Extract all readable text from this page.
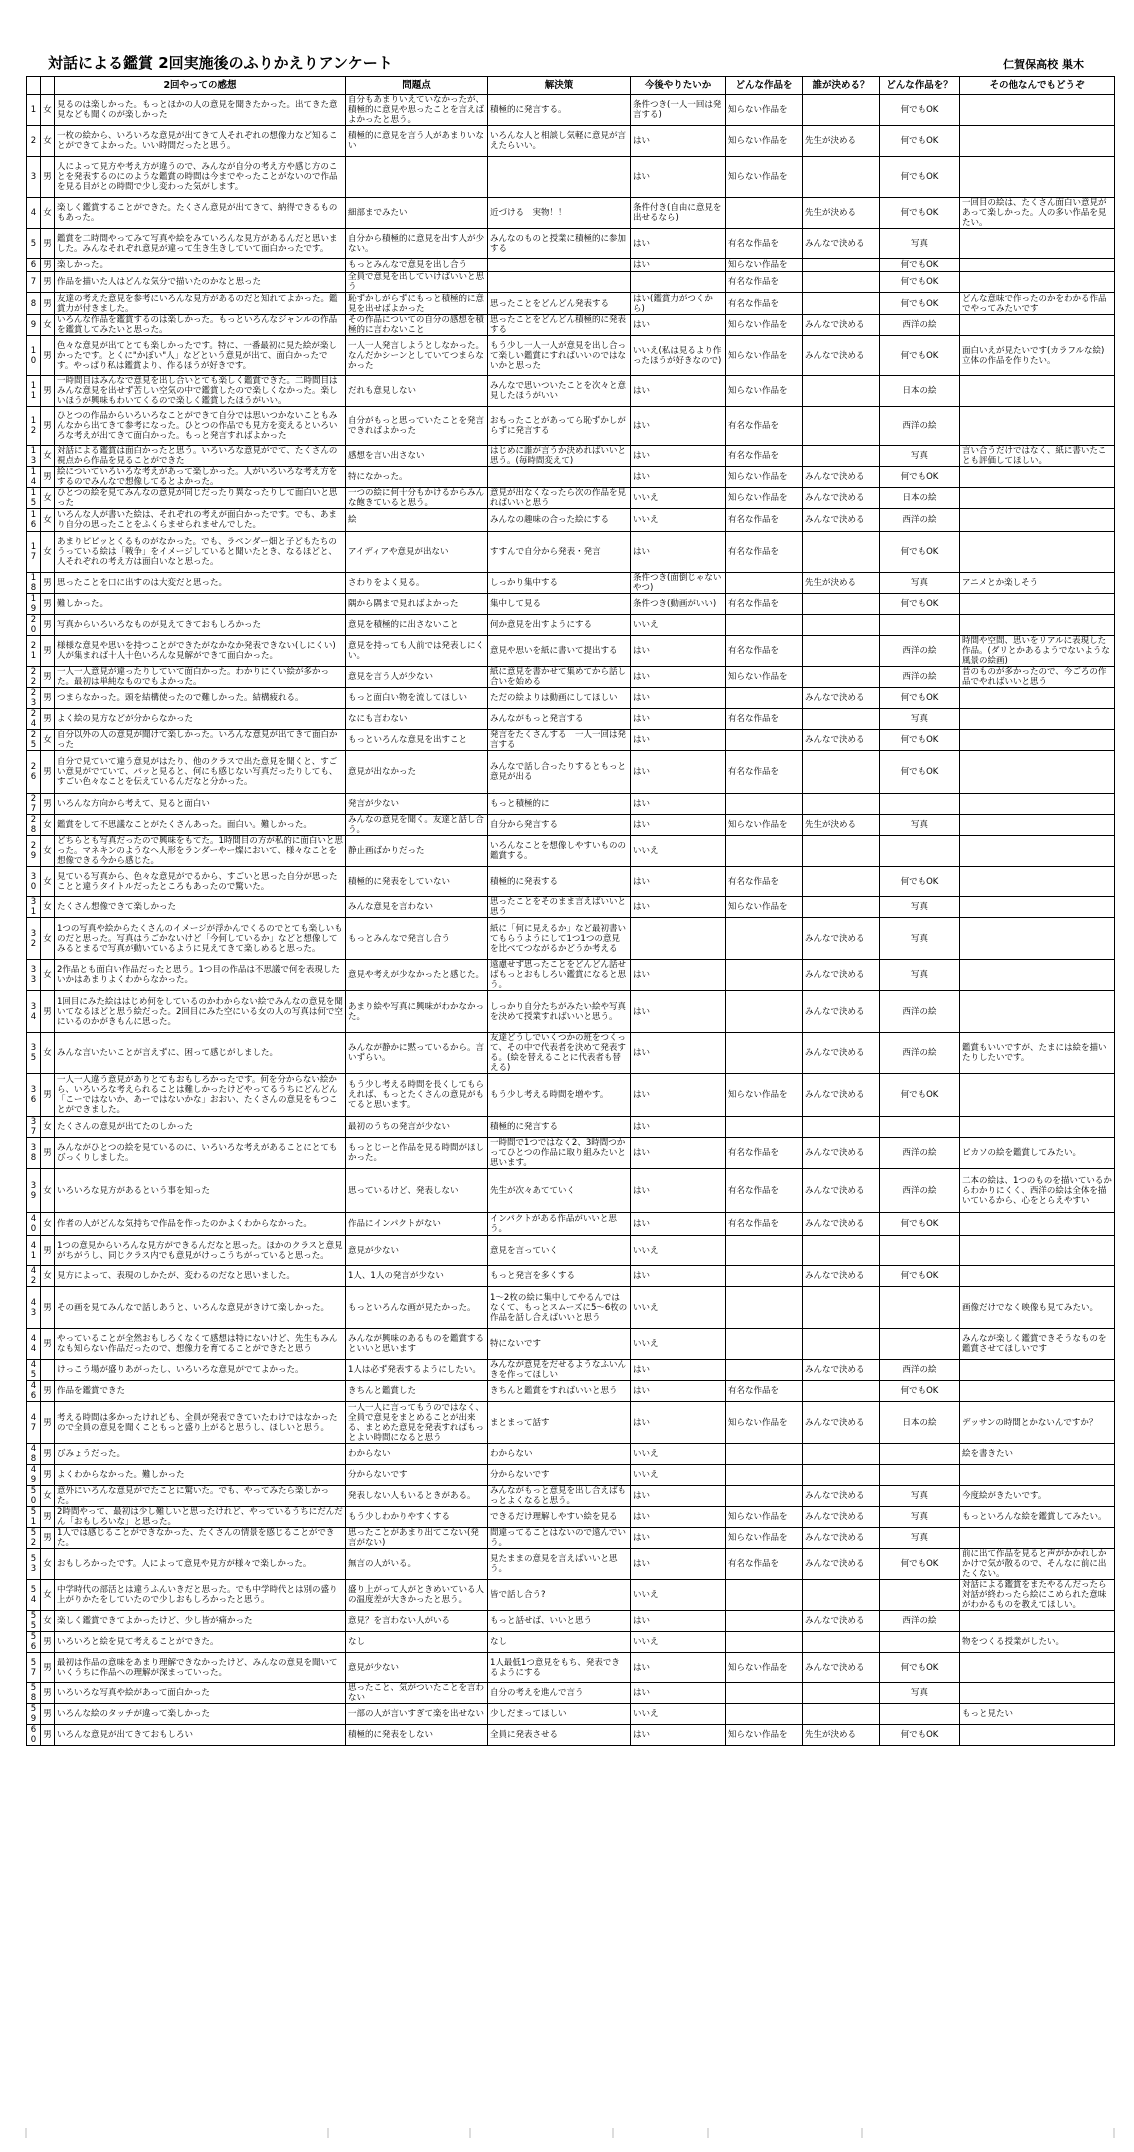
対話による鑑賞 2回実施後のふりかえりアンケート	仁賀保高校 巣木
		2回やっての感想	問題点	解決策	今後やりたいか	どんな作品を	誰が決める？	どんな作品を？	その他なんでもどうぞ
1	女	見るのは楽しかった。もっとほかの人の意見を聞きたかった。出てきた意見なども聞くのが楽しかった	自分もあまりいえていなかったが、積極的に意見や思ったことを言えばよかったと思う。	積極的に発言する。	条件つき(一人一回は発言する)	知らない作品を		何でもOK	
2	女	一枚の絵から、いろいろな意見が出てきて人それぞれの想像力など知ることができてよかった。いい時間だったと思う。	積極的に意見を言う人があまりいない	いろんな人と相談し気軽に意見が言えたらいい。	はい	知らない作品を	先生が決める	何でもOK	
3	男	人によって見方や考え方が違うので、みんなが自分の考え方や感じ方のことを発表するのにのような鑑賞の時間は今までやったことがないので作品を見る目がとの時間で少し変わった気がします。			はい	知らない作品を		何でもOK	
4	女	楽しく鑑賞することができた。たくさん意見が出てきて、納得できるものもあった。	細部までみたい	近づける　実物！！	条件付き(自由に意見を出せるなら)		先生が決める	何でもOK	一回目の絵は、たくさん面白い意見があって楽しかった。人の多い作品を見たい。
5	男	鑑賞を二時間やってみて写真や絵をみていろんな見方があるんだと思いました。みんなそれぞれ意見が違って生き生きしていて面白かったです。	自分から積極的に意見を出す人が少ない。	みんなのものと授業に積極的に参加する	はい	有名な作品を	みんなで決める	写真	
6	男	楽しかった。	もっとみんなで意見を出し合う		はい	知らない作品を		何でもOK	
7	男	作品を描いた人はどんな気分で描いたのかなと思った	全員で意見を出していけばいいと思う			有名な作品を		何でもOK	
8	男	友達の考えた意見を参考にいろんな見方があるのだと知れてよかった。鑑賞力が付きました。	恥ずかしがらずにもっと積極的に意見を出せばよかった	思ったことをどんどん発表する	はい(鑑賞力がつくから)	有名な作品を		何でもOK	どんな意味で作ったのかをわかる作品でやってみたいです
9	女	いろんな作品を鑑賞するのは楽しかった。もっといろんなジャンルの作品を鑑賞してみたいと思った。	その作品についての自分の感想を積極的に言わないこと	思ったことをどんどん積極的に発表する	はい	知らない作品を	みんなで決める	西洋の絵	
10	男	色々な意見が出てとても楽しかったです。特に、一番最初に見た絵が楽しかったです。とくに"かぼい"人」などという意見が出て、面白かったです。やっぱり私は鑑賞より、作るほうが好きです。	一人一人発言しようとしなかった。なんだかシーンとしていてつまらなかった	もう少し一人一人が意見を出し合って楽しい鑑賞にすればいいのではないかと思った	いいえ(私は見るより作ったほうが好きなので)	知らない作品を	みんなで決める	何でもOK	面白いえが見たいです(カラフルな絵)立体の作品を作りたい。
11	男	一時間目はみんなで意見を出し合いとても楽しく鑑賞できた。二時間目はみんな意見を出せず苦しい空気の中で鑑賞したので楽しくなかった。楽しいほうが興味もわいてくるので楽しく鑑賞したほうがいい。	だれも意見しない	みんなで思いついたことを次々と意見したほうがいい	はい	知らない作品を		日本の絵	
12	男	ひとつの作品からいろいろなことができて自分では思いつかないこともみんなから出てきて参考になった。ひとつの作品でも見方を変えるといろいろな考えが出てきて面白かった。もっと発言すればよかった	自分がもっと思っていたことを発言できればよかった	おもったことがあってら恥ずかしがらずに発言する	はい	有名な作品を		西洋の絵	
13	女	対話による鑑賞は面白かったと思う。いろいろな意見がでて、たくさんの視点から作品を見ることができた	感想を言い出さない	はじめに誰が言うか決めればいいと思う。(毎時間変えて)	はい	有名な作品を		写真	言い合うだけではなく、紙に書いたことも評価してほしい。
14	男	絵についていろいろな考えがあって楽しかった。人がいろいろな考え方をするのでみんなで想像してるとよかった。	特になかった。		はい	知らない作品を	みんなで決める	何でもOK	
15	女	ひとつの絵を見てみんなの意見が同じだったり異なったりして面白いと思った	一つの絵に何十分もかけるからみんな飽きていると思う。	意見が出なくなったら次の作品を見ればいいと思う	いいえ	知らない作品を	みんなで決める	日本の絵	
16	女	いろんな人が書いた絵は、それぞれの考えが面白かったです。でも、あまり自分の思ったことをふくらませられませんでした。	絵	みんなの趣味の合った絵にする	いいえ	有名な作品を	みんなで決める	西洋の絵	
17	女	あまりピピッとくるものがなかった。でも、ラベンダー畑と子どもたちのうっている絵は「戦争」をイメージしていると聞いたとき、なるほどと、人それぞれの考え方は面白いなと思った。	アイディアや意見が出ない	すすんで自分から発表・発言	はい	有名な作品を		何でもOK	
18	男	思ったことを口に出すのは大変だと思った。	さわりをよく見る。	しっかり集中する	条件つき(面倒じゃないやつ)		先生が決める	写真	アニメとか楽しそう
19	男	難しかった。	隅から隅まで見ればよかった	集中して見る	条件つき(動画がいい)	有名な作品を		何でもOK	
20	男	写真からいろいろなものが見えてきておもしろかった	意見を積極的に出さないこと	何か意見を出すようにする	いいえ				
21	男	様様な意見や思いを持つことができたがなかなか発表できない(しにくい)人が集まれば十人十色いろんな見解ができて面白かった。	意見を持っても人前では発表しにくい。	意見や思いを紙に書いて提出する	はい	有名な作品を		西洋の絵	時間や空間、思いをリアルに表現した作品。(ダリとかあるようでないような風景の絵画)
22	男	一人一人意見が違ったりしていて面白かった。わかりにくい絵が多かった。最初は単純なものでもよかった。	意見を言う人が少ない	紙に意見を書かせて集めてから話し合いを始める	はい	知らない作品を		西洋の絵	昔のものが多かったので、今ごろの作品でやればいいと思う
23	男	つまらなかった。頭を結構使ったので難しかった。結構疲れる。	もっと面白い物を流してほしい	ただの絵よりは動画にしてほしい	はい		みんなで決める	何でもOK	
24	男	よく絵の見方などが分からなかった	なにも言わない	みんながもっと発言する	はい	有名な作品を		写真	
25	女	自分以外の人の意見が聞けて楽しかった。いろんな意見が出てきて面白かった	もっといろんな意見を出すこと	発言をたくさんする　一人一回は発言する	はい		みんなで決める	何でもOK	
26	男	自分で見ていて違う意見がはたり、他のクラスで出た意見を聞くと、すごい意見がでていて、パッと見ると、何にも感じない写真だったりしても、すごい色々なことを伝えているんだなと分かった。	意見が出なかった	みんなで話し合ったりするともっと意見が出る	はい	有名な作品を		何でもOK	
27	男	いろんな方向から考えて、見ると面白い	発言が少ない	もっと積極的に	はい				
28	女	鑑賞をして不思議なことがたくさんあった。面白い。難しかった。	みんなの意見を聞く。友達と話し合う。	自分から発言する	はい	知らない作品を	先生が決める	写真	
29	女	どちらとも写真だったので興味をもてた。1時間目の方が私的に面白いと思った。マネキンのようなへ人形をランダーやー燦において、様々なことを想像できる今から感じた。	静止画ばかりだった	いろんなことを想像しやすいものの鑑賞する。	いいえ				
30	女	見ている写真から、色々な意見がでるから、すごいと思った自分が思ったことと違うタイトルだったところもあったので驚いた。	積極的に発表をしていない	積極的に発表する	はい	有名な作品を		何でもOK	
31	女	たくさん想像できて楽しかった	みんな意見を言わない	思ったことをそのまま言えばいいと思う	はい	知らない作品を		写真	
32	女	1つの写真や絵からたくさんのイメージが浮かんでくるのでとても楽しいものだと思った。写真はうごかないけど「今何しているか」などと想像してみるとまるで写真が動いているように見えてきて楽しめると思った。	もっとみんなで発言し合う	紙に「何に見えるか」など最初書いてもらうようにして1つ1つの意見を比べてつながるかどうか考える			みんなで決める	写真	
33	女	2作品とも面白い作品だったと思う。1つ目の作品は不思議で何を表現したいかはあまりよくわからなかった。	意見や考えが少なかったと感じた。	遠慮せず思ったことをどんどん話せばもっとおもしろい鑑賞になると思う。	はい		みんなで決める	写真	
34	男	1回目にみた絵ははじめ何をしているのかわからない絵でみんなの意見を聞いてなるほどと思う絵だった。2回目にみた空にいる女の人の写真は何で空にいるのかがきもんに思った。	あまり絵や写真に興味がわかなかった。	しっかり自分たちがみたい絵や写真を決めて授業すればいいと思う。	はい		みんなで決める	西洋の絵	
35	女	みんな言いたいことが言えずに、困って感じがしました。	みんなが静かに黙っているから。言いずらい。	友達どうしでいくつかの班をつくって、その中で代表者を決めて発表する。(絵を替えることに代表者も替える)	はい		みんなで決める	西洋の絵	鑑賞もいいですが、たまには絵を描いたりしたいです。
36	男	一人一人違う意見がありとてもおもしろかったです。何を分からない絵から、いろいろな考えられることは難しかったけどやってるうちにどんどん「こーではないか、あーではないかな」おおい、たくさんの意見をもつことができました。	もう少し考える時間を長くしてもらえれば、もっとたくさんの意見がもてると思います。	もう少し考える時間を増やす。	はい	知らない作品を	みんなで決める	何でもOK	
37	女	たくさんの意見が出てたのしかった	最初のうちの発言が少ない	積極的に発言する	はい				
38	男	みんながひとつの絵を見ているのに、いろいろな考えがあることにとてもびっくりしました。	もっとじーと作品を見る時間がほしかった。	一時間で1つではなく2、3時間つかってひとつの作品に取り組みたいと思います。	はい	有名な作品を	みんなで決める	西洋の絵	ピカソの絵を鑑賞してみたい。
39	女	いろいろな見方があるという事を知った	思っているけど、発表しない	先生が次々あてていく	はい	有名な作品を	みんなで決める	西洋の絵	二本の絵は、1つのものを描いているからわかりにくく、西洋の絵は全体を描いているから、心をとらえやすい
40	女	作者の人がどんな気持ちで作品を作ったのかよくわからなかった。	作品にインパクトがない	インパクトがある作品がいいと思う。	はい	有名な作品を	みんなで決める	何でもOK	
41	男	1つの意見からいろんな見方ができるんだなと思った。ほかのクラスと意見がちがうし、同じクラス内でも意見がけっこうちがっていると思った。	意見が少ない	意見を言っていく	いいえ				
42	女	見方によって、表現のしかたが、変わるのだなと思いました。	1人、1人の発言が少ない	もっと発言を多くする	はい		みんなで決める	何でもOK	
43	男	その画を見てみんなで話しあうと、いろんな意見がきけて楽しかった。	もっといろんな画が見たかった。	1〜2枚の絵に集中してやるんではなくて、もっとスムーズに5〜6枚の作品を話し合えばいいと思う	いいえ				画像だけでなく映像も見てみたい。
44	男	やっていることが全然おもしろくなくて感想は特にないけど、先生もみんなも知らない作品だったので、想像力を育てることができたと思う	みんなが興味のあるものを鑑賞するといいと思います	特にないです	いいえ				みんなが楽しく鑑賞できそうなものを鑑賞させてほしいです
45		けっこう場が盛りあがったし、いろいろな意見がでてよかった。	1人は必ず発表するようにしたい。	みんなが意見をだせるようなふいんきを作ってほしい	はい		みんなで決める	西洋の絵	
46	男	作品を鑑賞できた	きちんと鑑賞した	きちんと鑑賞をすればいいと思う	はい	有名な作品を		何でもOK	
47	男	考える時間は多かったけれども、全員が発表できていたわけではなかったので全員の意見を聞くこともっと盛り上がると思うし、ほしいと思う。	一人一人に言ってもうのではなく、全員で意見をまとめることが出来る、まとめた意見を発表すればもっとよい時間になると思う	まとまって話す	はい	知らない作品を	みんなで決める	日本の絵	デッサンの時間とかないんですか？
48	男	びみょうだった。	わからない	わからない	いいえ				絵を書きたい
49	男	よくわからなかった。難しかった	分からないです	分からないです	いいえ				
50	女	意外にいろんな意見がでたことに驚いた。でも、やってみたら楽しかった。	発表しない人もいるときがある。	みんながもっと意見を出し合えばもっとよくなると思う。	はい		みんなで決める	写真	今度絵がきたいです。
51	男	2時間やって、最初は少し難しいと思ったけれど、やっているうちにだんだん「おもしろいな」と思った。	もう少しわかりやすくする	できるだけ理解しやすい絵を見る	はい	知らない作品を	みんなで決める	写真	もっといろんな絵を鑑賞してみたい。
52	男	1人では感じることができなかった、たくさんの情景を感じることができた。	思ったことがあまり出てこない(発言がない)	間違ってることはないので遠んでいう。	はい	知らない作品を	みんなで決める	写真	
53	女	おもしろかったです。人によって意見や見方が様々で楽しかった。	無言の人がいる。	見たままの意見を言えばいいと思う。	はい	有名な作品を	みんなで決める	何でもOK	前に出て作品を見ると声がかかれしかかけで気が散るので、そんなに前に出たくない。
54	女	中学時代の部活とは違うふんいきだと思った。でも中学時代とは別の盛り上がりかたをしていたので少しおもしろかったと思う。	盛り上がって人がときめいている人の温度差が大きかったと思う。	皆で話し合う?	いいえ				対話による鑑賞をまたやるんだったら対話が終わったら絵にこめられた意味がわかるものを教えてほしい。
55	女	楽しく鑑賞できてよかったけど、少し皆が痛かった	意見？を言わない人がいる	もっと話せば、いいと思う	はい		みんなで決める	西洋の絵	
56	男	いろいろと絵を見て考えることができた。	なし	なし	いいえ				物をつくる授業がしたい。
57	男	最初は作品の意味をあまり理解できなかったけど、みんなの意見を聞いていくうちに作品への理解が深まっていった。	意見が少ない	1人最低1つ意見をもち、発表できるようにする	はい	知らない作品を	みんなで決める	何でもOK	
58	男	いろいろな写真や絵があって面白かった	思ったこと、気がついたことを言わない	自分の考えを進んで言う	はい			写真	
59	男	いろんな絵のタッチが違って楽しかった	一部の人が言いすぎて楽を出せない	少しだまってほしい	いいえ				もっと見たい
60	男	いろんな意見が出てきておもしろい	積極的に発表をしない	全員に発表させる	はい	知らない作品を	先生が決める	何でもOK	
